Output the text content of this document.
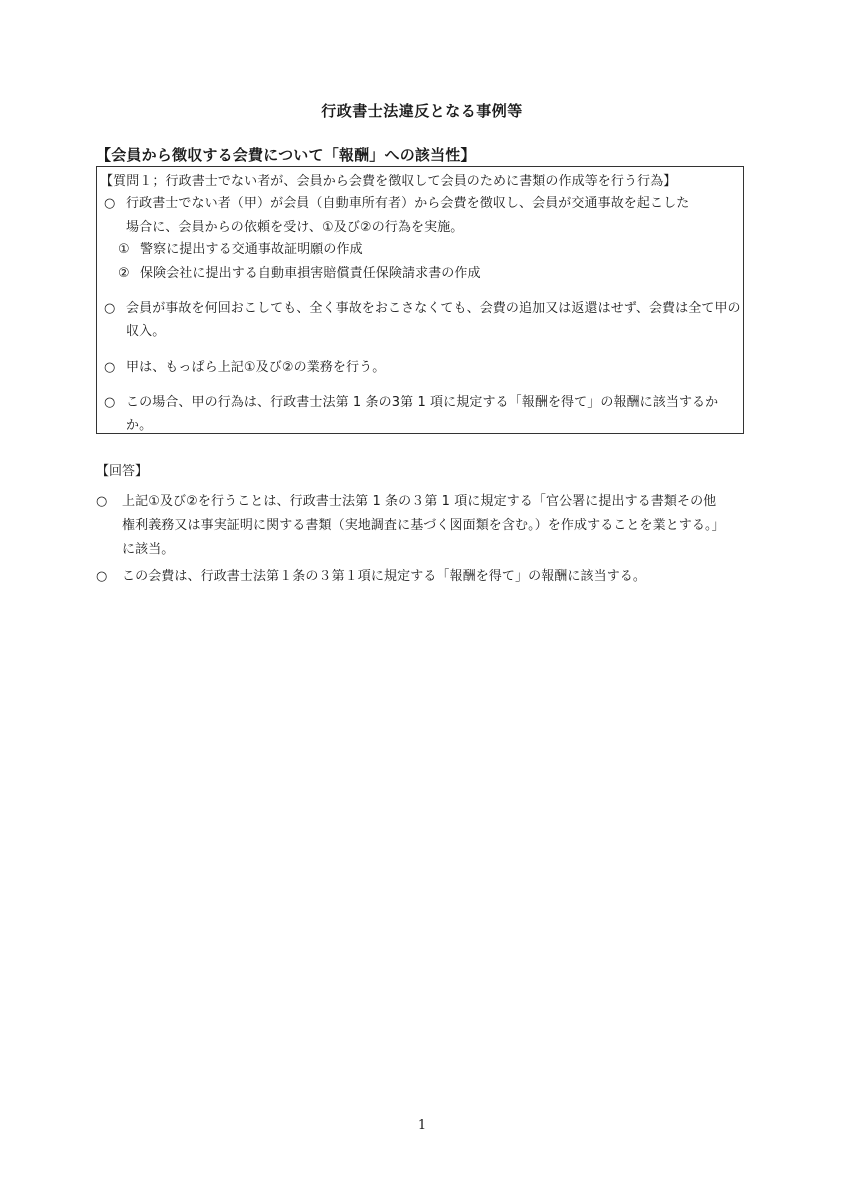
行政書士法違反となる事例等
【会員から徴収する会費について「報酬」への該当性】
【質問１；行政書士でない者が、会員から会費を徴収して会員のために書類の作成等を行う行為】
○ 行政書士でない者（甲）が会員（自動車所有者）から会費を徴収し、会員が交通事故を起こした
場合に、会員からの依頼を受け、①及び②の行為を実施。
① 警察に提出する交通事故証明願の作成
② 保険会社に提出する自動車損害賠償責任保険請求書の作成
○ 会員が事故を何回おこしても、全く事故をおこさなくても、会費の追加又は返還はせず、会費は全て甲の
収入。
○ 甲は、もっぱら上記①及び②の業務を行う。
○ この場合、甲の行為は、行政書士法第 1 条の3第 1 項に規定する「報酬を得て」の報酬に該当するか
か。
【回答】
○ 上記①及び②を行うことは、行政書士法第 1 条の３第 1 項に規定する「官公署に提出する書類その他
権利義務又は事実証明に関する書類（実地調査に基づく図面類を含む。）を作成することを業とする。」
に該当。
○ この会費は、行政書士法第１条の３第１項に規定する「報酬を得て」の報酬に該当する。
1
